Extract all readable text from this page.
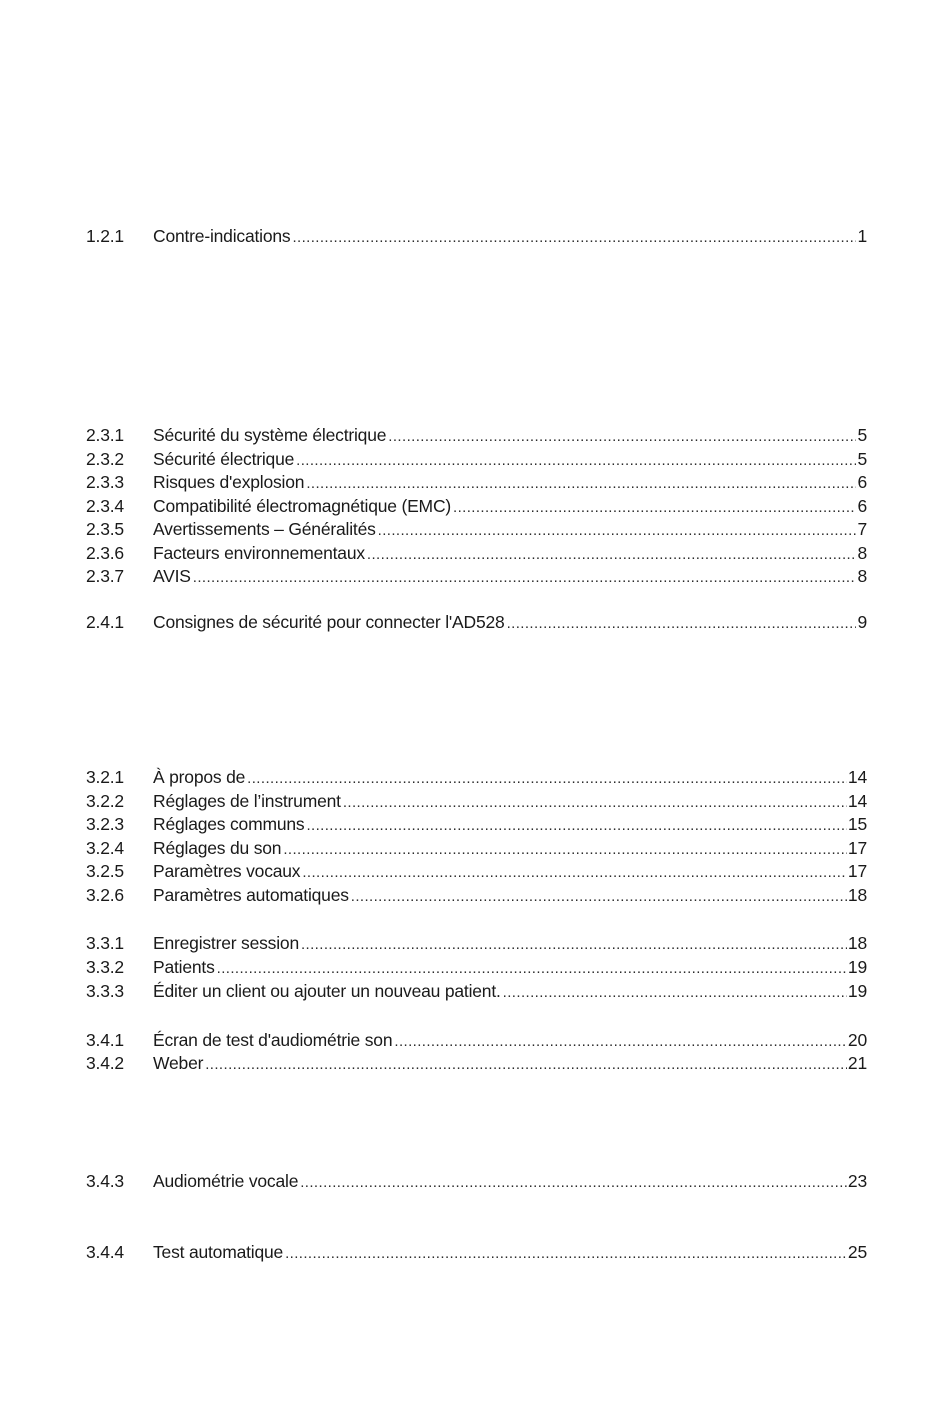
1.2.1	Contre-indications .....	1
2.3.1	Sécurité du système électrique .....	5
2.3.2	Sécurité électrique .....	5
2.3.3	Risques d'explosion .....	6
2.3.4	Compatibilité électromagnétique (EMC) .....	6
2.3.5	Avertissements – Généralités .....	7
2.3.6	Facteurs environnementaux .....	8
2.3.7	AVIS .....	8
2.4.1	Consignes de sécurité pour connecter l'AD528 .....	9
3.2.1	À propos de .....	14
3.2.2	Réglages de l’instrument .....	14
3.2.3	Réglages communs .....	15
3.2.4	Réglages du son .....	17
3.2.5	Paramètres vocaux .....	17
3.2.6	Paramètres automatiques .....	18
3.3.1	Enregistrer session .....	18
3.3.2	Patients .....	19
3.3.3	Éditer un client ou ajouter un nouveau patient. .....	19
3.4.1	Écran de test d'audiométrie son .....	20
3.4.2	Weber .....	21
3.4.3	Audiométrie vocale .....	23
3.4.4	Test automatique .....	25
